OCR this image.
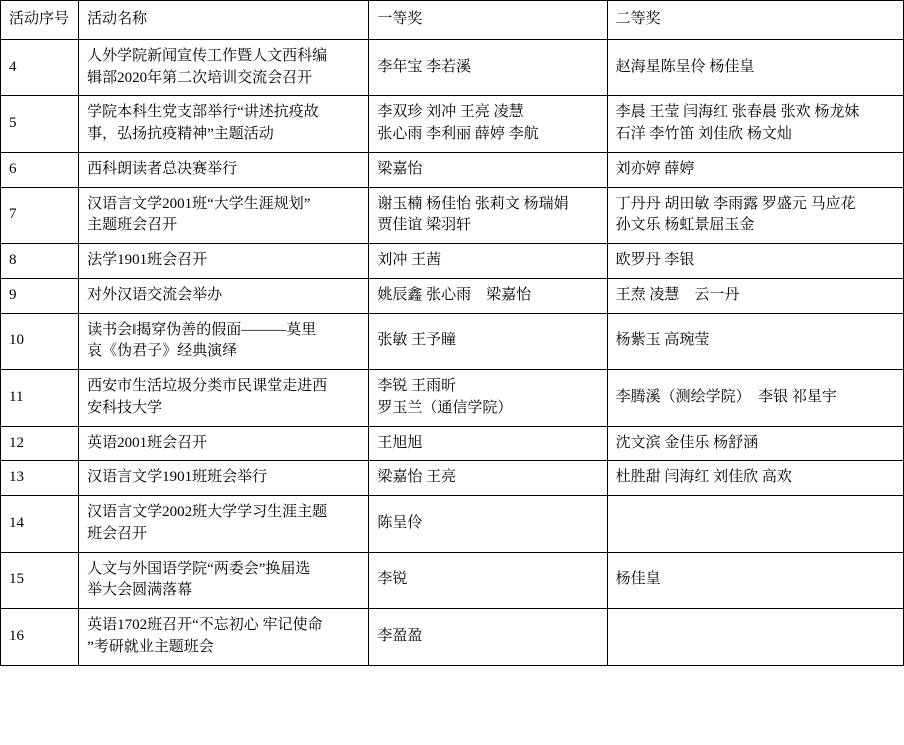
活动序号	活动名称	一等奖	二等奖
4	人外学院新闻宣传工作暨人文西科编
辑部2020年第二次培训交流会召开	李年宝 李若溪	赵海星陈呈伶 杨佳皇

5	学院本科生党支部举行“讲述抗疫故
事，弘扬抗疫精神”主题活动	李双珍 刘冲 王亮 凌慧
张心雨 李利丽 薛婷 李航	李晨 王莹 闫海红 张春晨 张欢 杨龙妹
石洋 李竹笛 刘佳欣 杨文灿

6	西科朗读者总决赛举行	梁嘉怡	刘亦婷 薛婷

7	汉语言文学2001班“大学生涯规划”
主题班会召开	谢玉楠 杨佳怡 张莉文 杨瑞娟
贾佳谊 梁羽轩	丁丹丹 胡田敏 李雨露 罗盛元 马应花
孙文乐 杨虹景屈玉金

8	法学1901班会召开	刘冲 王茜	欧罗丹 李银

9	对外汉语交流会举办	姚辰鑫 张心雨　梁嘉怡	王焘 凌慧　云一丹

10	读书会‖揭穿伪善的假面———莫里
哀《伪君子》经典演绎	张敏 王予瞳	杨紫玉 高琬莹

11	西安市生活垃圾分类市民课堂走进西
安科技大学	李锐 王雨昕
罗玉兰（通信学院）	李腾溪（测绘学院）　李银 祁星宇

12	英语2001班会召开	王旭旭	沈文滨 金佳乐 杨舒涵

13	汉语言文学1901班班会举行	梁嘉怡 王亮	杜胜甜 闫海红 刘佳欣 高欢

14	汉语言文学2002班大学学习生涯主题
班会召开	陈呈伶	

15	人文与外国语学院“两委会”换届选
举大会圆满落幕	李锐	杨佳皇

16	英语1702班召开“不忘初心 牢记使命
”考研就业主题班会	李盈盈	
